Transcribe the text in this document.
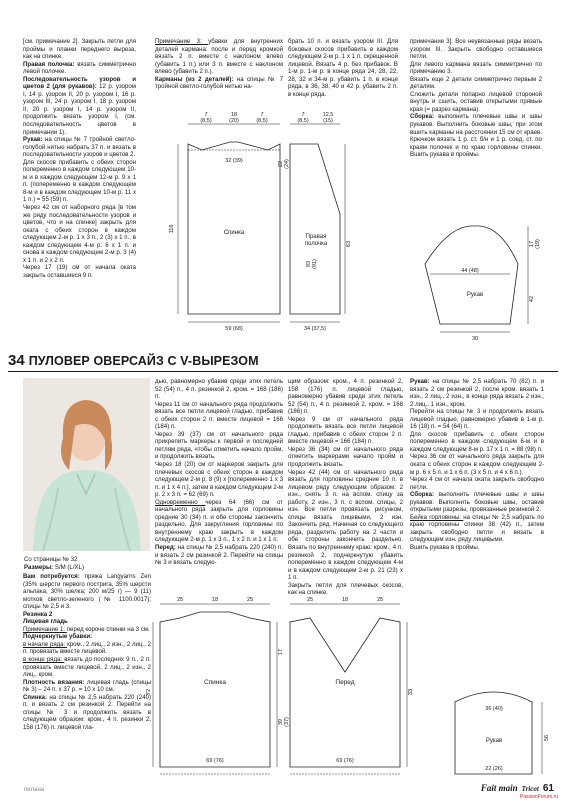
[см. примечание 2]. Закрыть петли для проймы и планки переднего выреза, как на спинке.

Правая полочка: вязать симметрично левой полочке.

Последовательность узоров и цветов 2 (для рукавов): 12 р. узором I, 14 р. узором II, 20 р. узором I, 16 р. узором III, 24 р. узором I, 18 р. узором II, 20 р. узором I, 14 р. узором II, продолжить вязать узором I, (см. последовательность цветов в примечании 1).

Рукав: на спицы № 7 тройной светло-голубой нитью набрать 37 п. и вязать в последовательности узоров и цветов 2.

Для скосов прибавить с обеих сторон попеременно в каждом следующем 10-м и в каждом следующем 12-м р. 9 x 1 п. (попеременно в каждом следующем 8-м и в каждом следующем 10-м р. 11 x 1 п.) = 55 (59) п.

Через 42 см от наборного ряда [в том же ряду последовательности узоров и цветов, что и на спинке] закрыть для оката с обеих сторон в каждом следующем 2-м р. 1 x 3 п., 2 (3) x 1 п., в каждом следующем 4-м р. 6 x 1 п. и снова в каждом следующем 2-м р. 3 (4) x 1 п. и 2 x 2 п.

Через 17 (19) см от начала оката закрыть оставшиеся 9 п.

Примечание 3: убавки для внутренних деталей кармана: после и перед кромкой вязать 2 п. вместе с наклоном влево (убавить 1 п.) или 3 п. вместе с наклоном влево (убавить 2 п.).

Карманы (из 2 деталей): на спицы № 7 тройной светло-голубой нитью на-

брать 10 п. и вязать узором III. Для боковых скосов прибавить в каждом следующем 2-м р. 1 x 1 п. скрещенной лицевой. Вязать 4 р. без прибавок. В 1-м р. 1-м р. в конце ряда 24, 28, 22, 28, 32 и 34-м р. убавить 1 п. в конце ряда, в 36, 38, 40 и 42 р. убавить 2 п. в конце ряда.

примечание 3]. Все неувязанные ряды вязать узором III. Закрыть свободно оставшиеся петли.

Для левого кармана вязать симметрично по примечанию 3.

Вязать еще 2 детали симметрично первым 2 деталям.

Сложить детали попарно лицевой стороной внутрь и сшить, оставив открытыми прямые края (= разрез кармана).

Сборка: выполнить плечевые швы и швы рукавов. Выполнить боковые швы, при этом вшить карманы на расстоянии 15 см от краев. Крючком вязать 1 р. ст. б/н и 1 р. соед. ст. по краям полочек и по краю горловины спинки. Вшить рукава в проймы.

7
(8,5)
18
(20)
7
(8,5)
7
(8,5)
12,5
(15)
32 (39)
59 (68)	34 (37,5)
44 (48)
30
Спинка
Правая
полочка
Рукав
116
22 (24)
63
93 (91)
17 (19)
42
34 ПУЛОВЕР ОВЕРСАЙЗ С V-ВЫРЕЗОМ
Со страницы № 32
Размеры: S/M (L/XL)

Вам потребуется: пряжа Langyarns Zen (35% шерсти первого пострига, 35% шерсти альпака, 30% шелка; 200 м/25 г) — 9 (11) мотков светло-зеленого (№ 1100.0017); спицы № 2,5 и 3.

Резинка 2

Лицевая гладь

Примечание 1: перед короче спинки на 3 см.

Подчеркнутые убавки:

в начале ряда: кром., 2 лиц., 2 изн., 2 лиц., 2 п. провязать вместе лицевой.

в конце ряда: вязать до последних 9 п., 2 п. провязать вместе лицевой, 2 лиц., 2 изн., 2 лиц., кром.

Плотность вязания: лицевая гладь (спицы № 3) – 24 п. x 37 р. = 10 x 10 см.

Спинка: на спицы № 2,5 набрать 220 (240) п. и вязать 2 см резинкой 2. Перейти на спицы № 3 и продолжить вязать в следующем образом: кром., 4 п. резинки 2, 158 (176) п. лицевой гла-

дью, равномерно убавив среди этих петель 52 (54) п., 4 п. резинкой 2, кром. = 168 (186) п.

Через 11 см от начального ряда продолжить вязать все петли лицевой гладью, прибавив с обеих сторон 2 п. вместе лицевой = 166 (184) п.

Через 39 (37) см от начального ряда прикрепить маркеры к первой и последней петлям ряда, чтобы отметить начало пройм, и продолжить вязать.

Через 18 (20) см от маркеров закрыть для плечевых скосов с обеих сторон в каждом следующем 2-м р. 8 (9) x [попеременно 1 x 3 п. и 1 x 4 п.], затем в каждом следующем 2-м р. 2 x 3 п. = 62 (69) п.

Одновременно через 64 (66) см от начального ряда закрыть для горловины средние 30 (34) п. и обе стороны закончить раздельно. Для закругления горловины по внутреннему краю закрыть в каждом следующем 2-м р. 1 x 3 п., 1 x 2 п. и 1 x 1 п.

Перед: на спицы № 2,5 набрать 220 (240) п. и вязать 2 см резинкой 2. Перейти на спицы № 3 и вязать следую-

щим образом: кром., 4 п. резинкой 2, 158 (176) п. лицевой гладью, равномерно убавив среди этих петель 52 (54) п., 4 п. резинкой 2, кром. = 168 (186) п.

Через 9 см от начального ряда продолжить вязать все петли лицевой гладью, прибавив с обеих сторон 2 п. вместе лицевой = 166 (184) п.

Через 36 (34) см от начального ряда отметить маркерами начало пройм и продолжить вязать.

Через 42 (44) см от начального ряда вязать для горловины средние 10 п. в лицевом ряду следующим образом: 2 изн., снять 3 п. на вспом. спицу за работу, 2 изн., 3 п. с вспом. спицы, 2 изн. Все петли провязать рисунком, спицы вязать лицевыми, 2 изн. Закончить ряд. Начиная со следующего ряда, разделить работу на 2 части и обе стороны закончить раздельно. Вязать по внутреннему краю: кром., 4 п. резинкой 2, подчеркнутую убавить попеременно в каждом следующем 4-м и в каждом следующем 2-м р. 21 (23) x 1 п.

Закрыть петли для плечевых скосов, как на спинке.

Рукав: на спицы № 2,5 набрать 70 (82) п. и вязать 2 см резинкой 2, после кром. вязать 1 изн., 2 лиц., 2 изн., в конце ряда вязать 2 изн., 2 лиц., 1 изн., кром.

Перейти на спицы № 3 и продолжить вязать лицевой гладью, равномерно убавив в 1-м р. 16 (18) п. = 54 (64) п.

Для скосов прибавить с обеих сторон попеременно в каждом следующем 6-м и в каждом следующем 8-м р. 17 x 1 п. = 88 (98) п.

Через 36 см от начального ряда закрыть для оката с обеих сторон в каждом следующем 2-м р. 6 x 5 п. и 1 x 6 п. (3 x 5 п. и 4 x 6 п.).

Через 4 см от начала оката закрыть свободно петли.

Сборка: выполнить плечевые швы и швы рукавов. Выполнить боковые швы, оставив открытыми разрезы, провязанные резинкой 2.

Бейка горловины: на спицы № 2,5 набрать по краю горловины спинки 38 (42) п., затем закрыть свободно петли и вязать в следующем изн. ряду лицевыми.

Вшить рукава в проймы.

25	18	25	25	18	25
69 (76)	69 (76)
36 (40)
22 (26)
Спинка	Перед
Рукав
72
17
39 (37)
33
56
пилана	Fait main Tricot 61
PassionForum.ru
